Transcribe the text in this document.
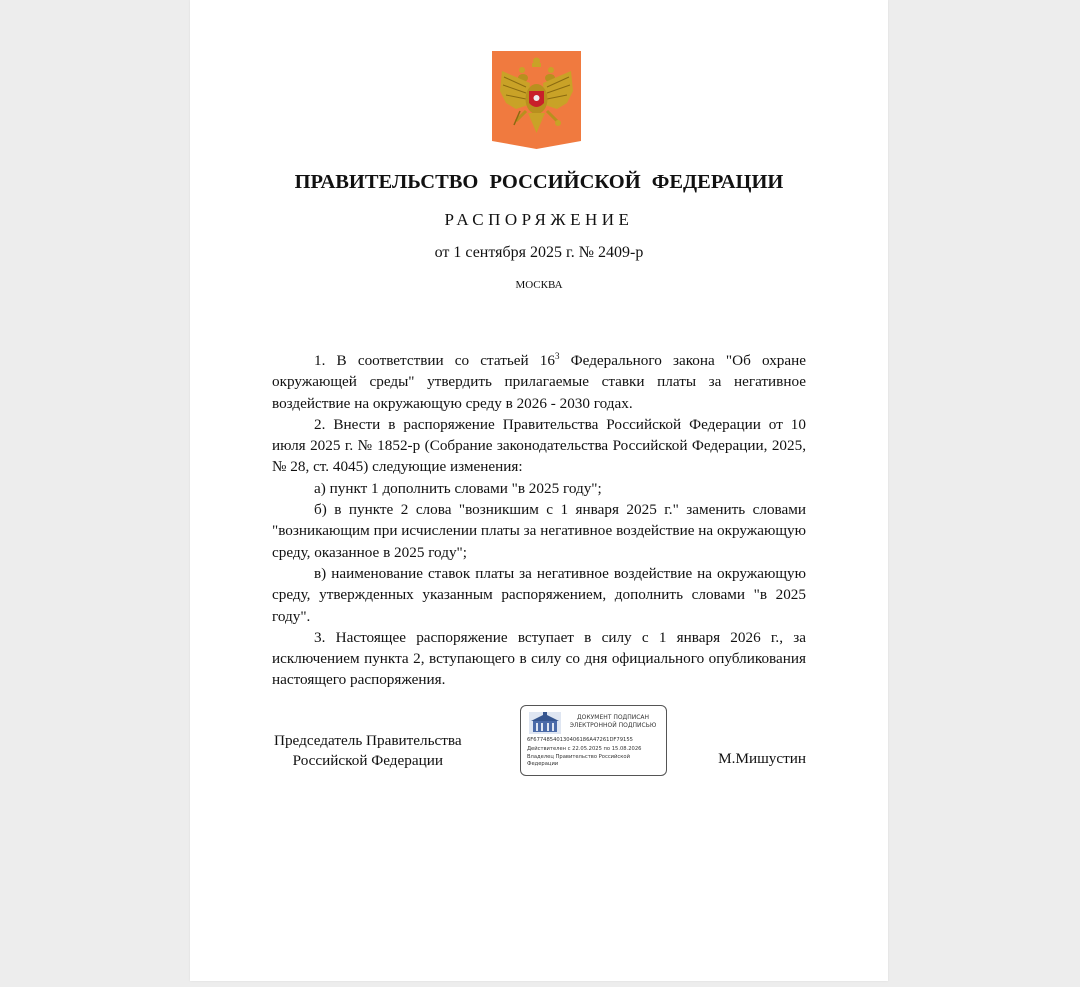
ПРАВИТЕЛЬСТВО РОССИЙСКОЙ ФЕДЕРАЦИИ
РАСПОРЯЖЕНИЕ
от 1 сентября 2025 г. № 2409-р
МОСКВА

1. В соответствии со статьей $16^3$ Федерального закона "Об охране окружающей среды" утвердить прилагаемые ставки платы за негативное воздействие на окружающую среду в 2026 - 2030 годах.

2. Внести в распоряжение Правительства Российской Федерации от 10 июля 2025 г. № 1852-р (Собрание законодательства Российской Федерации, 2025, № 28, ст. 4045) следующие изменения:

а) пункт 1 дополнить словами "в 2025 году";

б) в пункте 2 слова "возникшим с 1 января 2025 г." заменить словами "возникающим при исчислении платы за негативное воздействие на окружающую среду, оказанное в 2025 году";

в) наименование ставок платы за негативное воздействие на окружающую среду, утвержденных указанным распоряжением, дополнить словами "в 2025 году".

3. Настоящее распоряжение вступает в силу с 1 января 2026 г., за исключением пункта 2, вступающего в силу со дня официального опубликования настоящего распоряжения.

Председатель Правительства
Российской Федерации
ДОКУМЕНТ ПОДПИСАН
ЭЛЕКТРОННОЙ ПОДПИСЬЮ
6F67748540130406186A47261DF79155
Действителен с 22.05.2025 по 15.08.2026
Владелец Правительство Российской
Федерации	М.Мишустин
